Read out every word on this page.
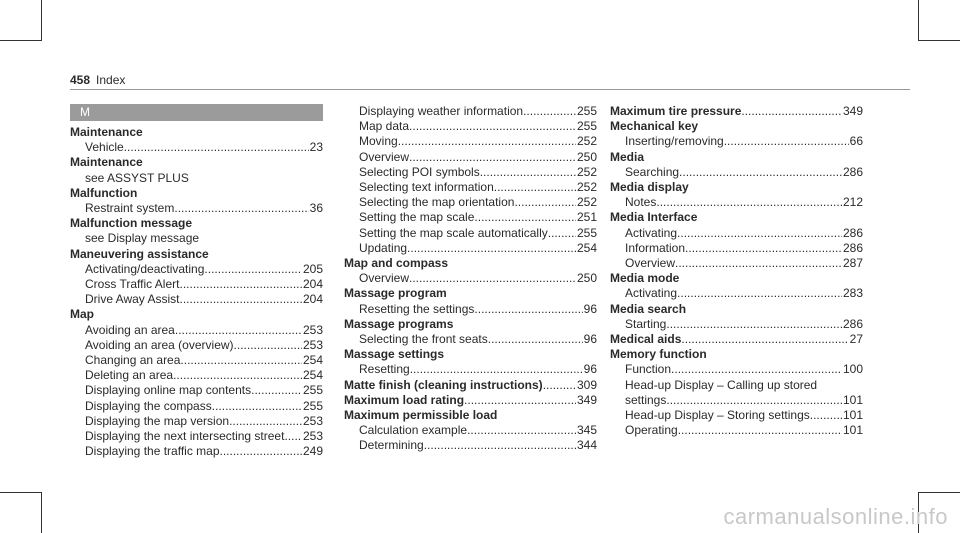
458 Index
M
Maintenance
Vehicle .....	23
Maintenance
see ASSYST PLUS
Malfunction
Restraint system .....	36
Malfunction message
see Display message
Maneuvering assistance
Activating/deactivating .....	205
Cross Traffic Alert .....	204
Drive Away Assist .....	204
Map
Avoiding an area .....	253
Avoiding an area (overview) .....	253
Changing an area .....	254
Deleting an area .....	254
Displaying online map contents .....	255
Displaying the compass .....	255
Displaying the map version .....	253
Displaying the next intersecting street ..... 253
Displaying the traffic map .....	249
Displaying weather information .....	255
Map data .....	255
Moving .....	252
Overview .....	250
Selecting POI symbols .....	252
Selecting text information .....	252
Selecting the map orientation .....	252
Setting the map scale .....	251
Setting the map scale automatically ..... 255
Updating .....	254
Map and compass
Overview .....	250
Massage program
Resetting the settings .....	96
Massage programs
Selecting the front seats .....	96
Massage settings
Resetting .....	96
Matte finish (cleaning instructions) .....	309
Maximum load rating .....	349
Maximum permissible load
Calculation example .....	345
Determining .....	344
Maximum tire pressure .....	349
Mechanical key
Inserting/removing .....	66
Media
Searching .....	286
Media display
Notes .....	212
Media Interface
Activating .....	286
Information .....	286
Overview .....	287
Media mode
Activating .....	283
Media search
Starting .....	286
Medical aids .....	27
Memory function
Function .....	100
Head-up Display – Calling up stored
settings .....	101
Head-up Display – Storing settings .....	101
Operating .....	101
carmanualsonline.info
